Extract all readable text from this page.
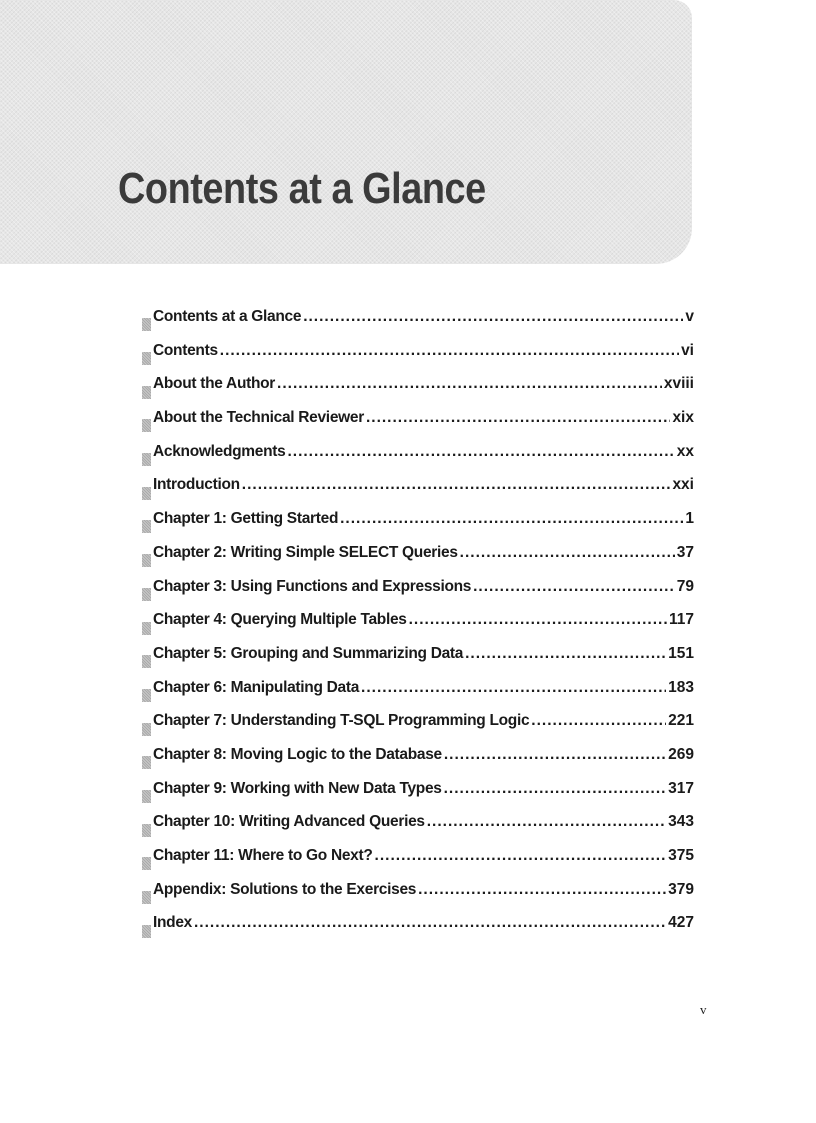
Contents at a Glance
Contents at a Glance .....	v
Contents .....	vi
About the Author .....	xviii
About the Technical Reviewer .....	xix
Acknowledgments .....	xx
Introduction .....	xxi
Chapter 1: Getting Started .....	1
Chapter 2: Writing Simple SELECT Queries .....	37
Chapter 3: Using Functions and Expressions .....	79
Chapter 4: Querying Multiple Tables .....	117
Chapter 5: Grouping and Summarizing Data .....	151
Chapter 6: Manipulating Data .....	183
Chapter 7: Understanding T-SQL Programming Logic .....	221
Chapter 8: Moving Logic to the Database .....	269
Chapter 9: Working with New Data Types .....	317
Chapter 10: Writing Advanced Queries .....	343
Chapter 11: Where to Go Next? .....	375
Appendix: Solutions to the Exercises .....	379
Index .....	427
v
